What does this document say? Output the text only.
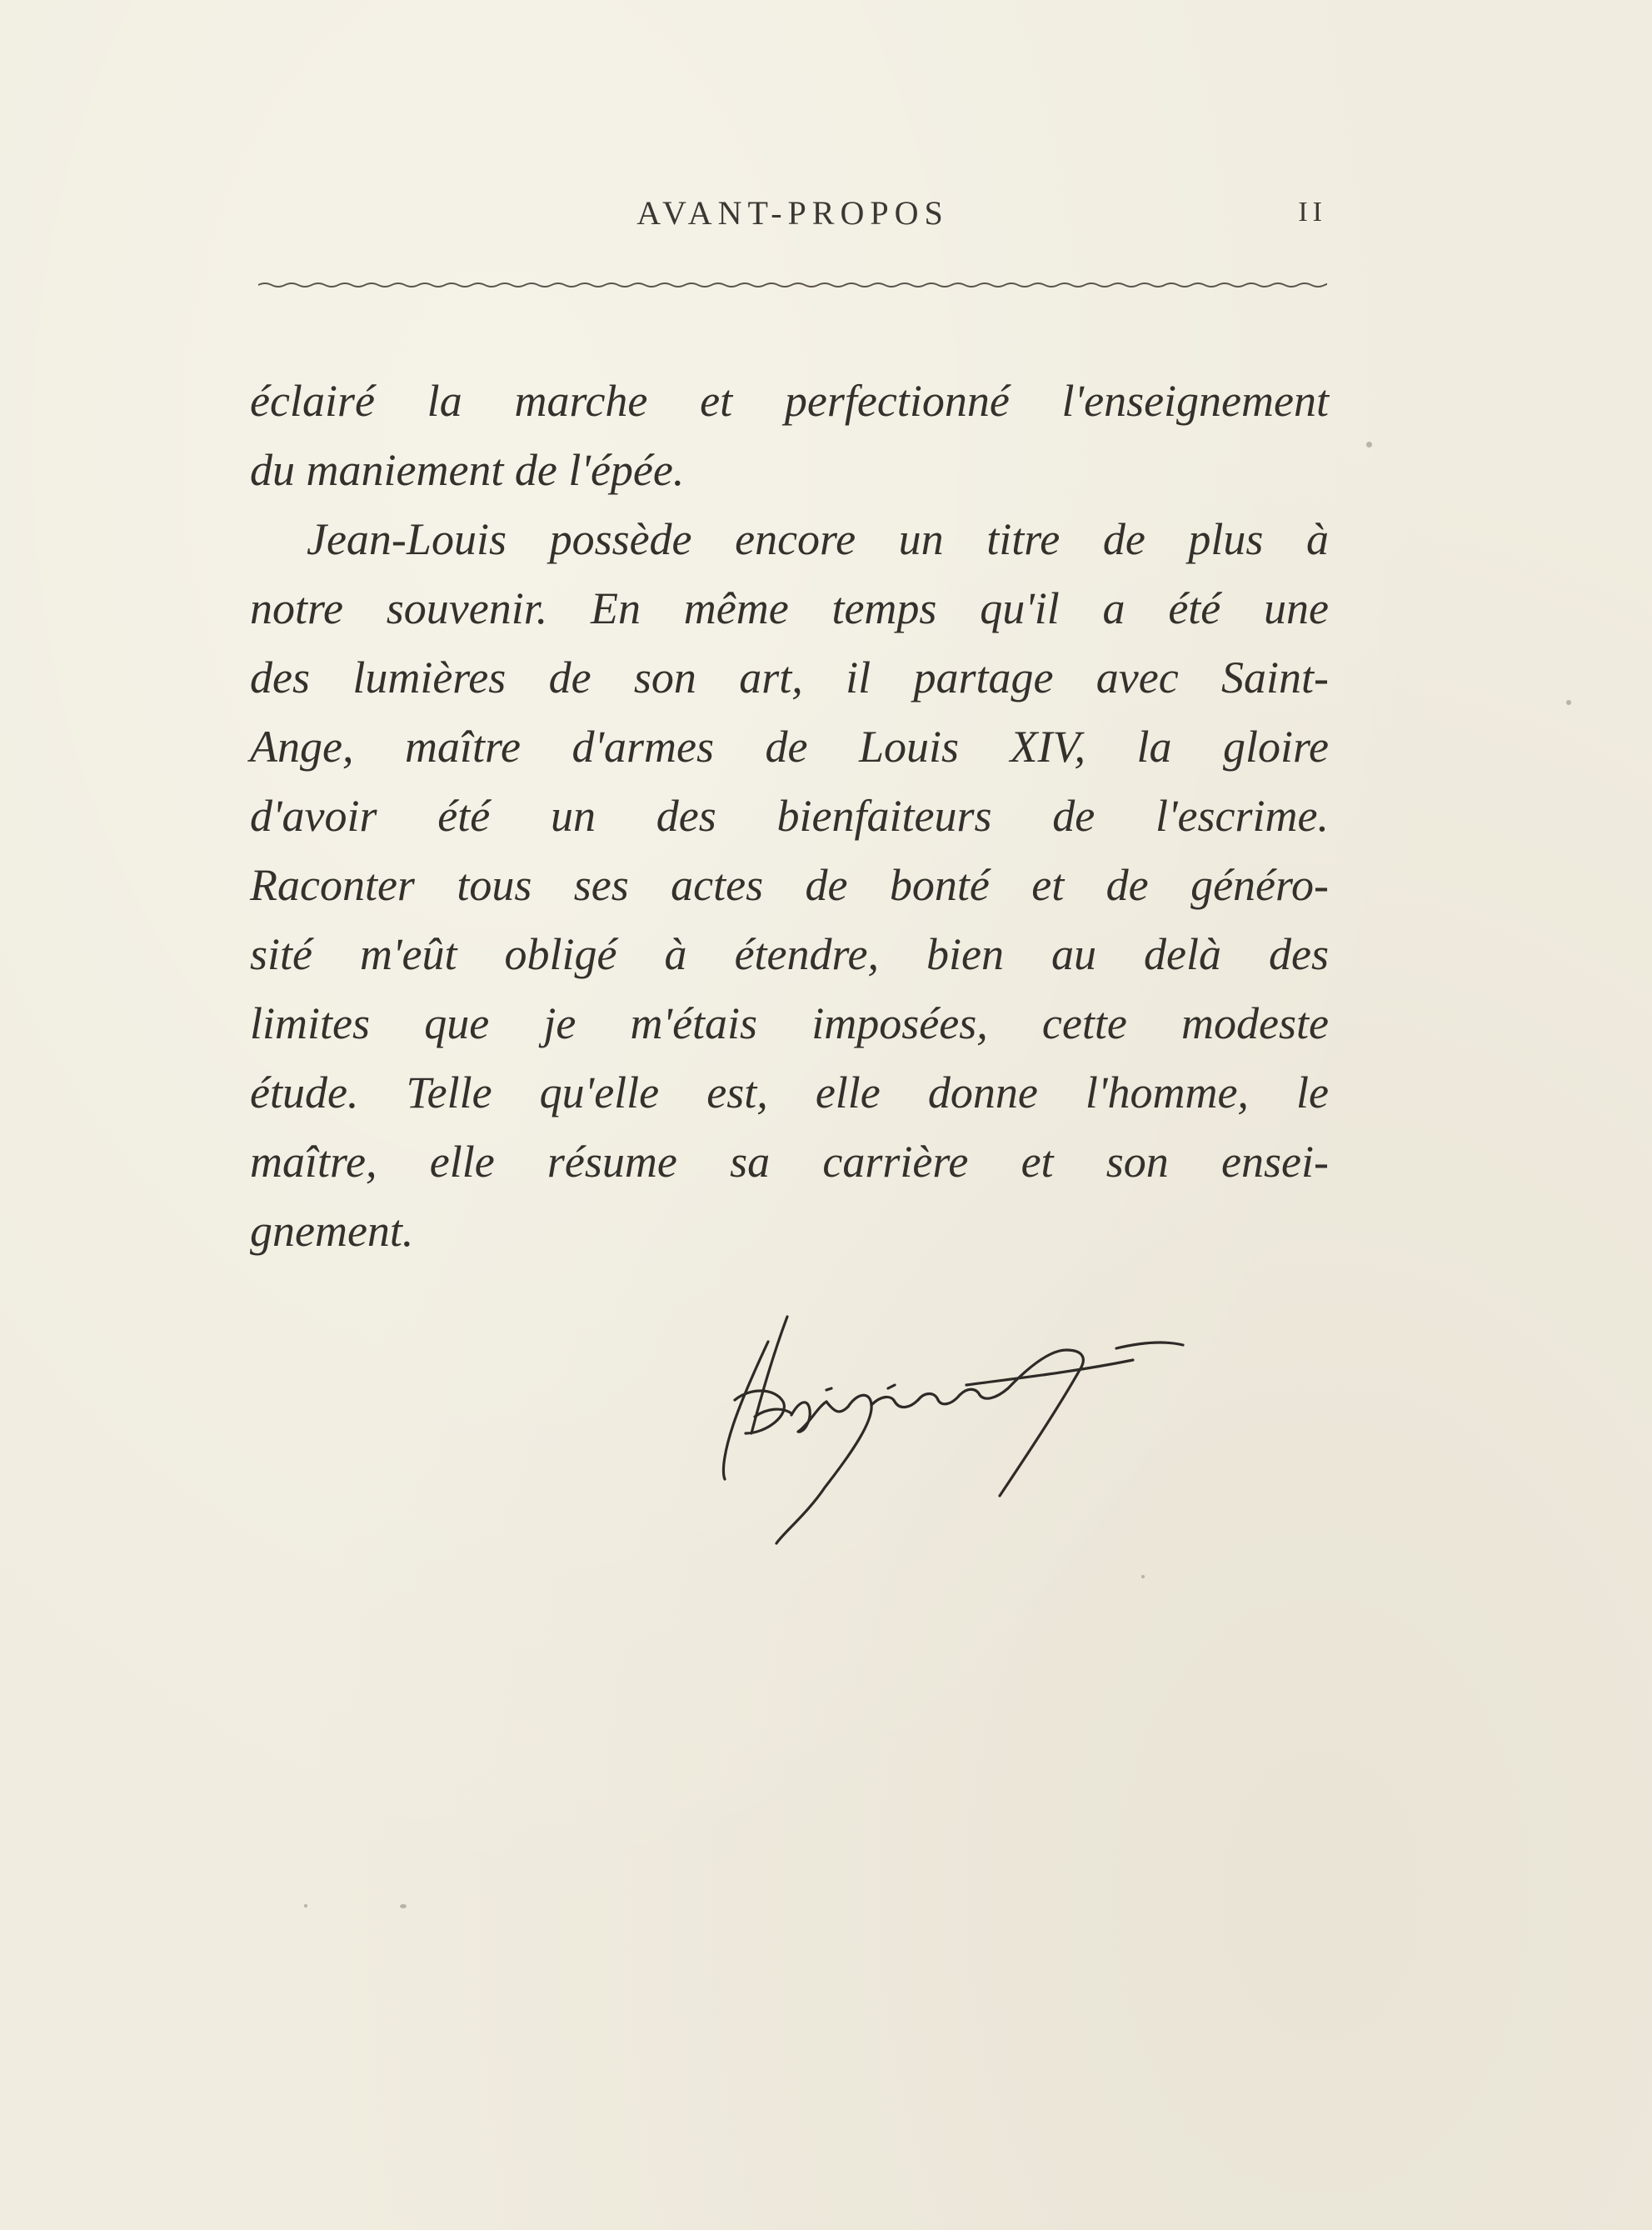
AVANT-PROPOS	II
éclairé la marche et perfectionné l'enseignement
du maniement de l'épée.
Jean-Louis possède encore un titre de plus à
notre souvenir. En même temps qu'il a été une
des lumières de son art, il partage avec Saint-
Ange, maître d'armes de Louis XIV, la gloire
d'avoir été un des bienfaiteurs de l'escrime.
Raconter tous ses actes de bonté et de généro-
sité m'eût obligé à étendre, bien au delà des
limites que je m'étais imposées, cette modeste
étude. Telle qu'elle est, elle donne l'homme, le
maître, elle résume sa carrière et son ensei-
gnement.
